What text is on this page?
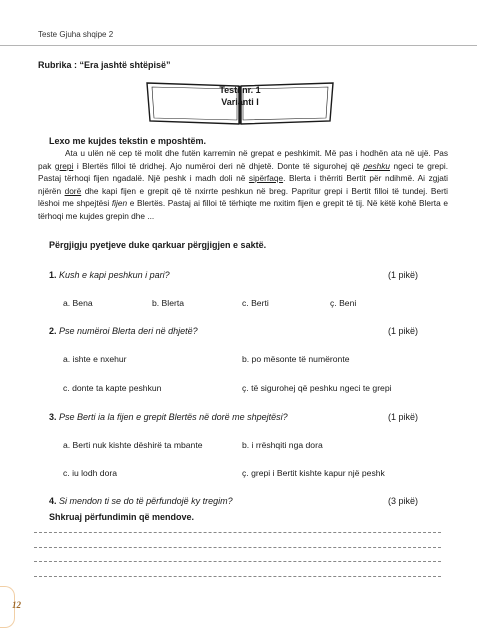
Teste Gjuha shqipe 2
Rubrika : “Era jashtë shtëpisë”
Testi nr. 1
Varianti I
Lexo me kujdes tekstin e mposhtëm.

Ata u ulën në cep të molit dhe futën karremin në grepat e peshkimit. Më pas i hodhën ata në ujë. Pas pak grepi i Blertës filloi të dridhej. Ajo numëroi deri në dhjetë. Donte të sigurohej që peshku ngeci te grepi. Pastaj tërhoqi fijen ngadalë. Një peshk i madh doli në sipërfaqe. Blerta i thërriti Bertit për ndihmë. Ai zgjati njërën dorë dhe kapi fijen e grepit që të nxirrte peshkun në breg. Papritur grepi i Bertit filloi të tundej. Berti lëshoi me shpejtësi fijen e Blertës. Pastaj ai filloi të tërhiqte me nxitim fijen e grepit të tij. Në këtë kohë Blerta e tërhoqi me kujdes grepin dhe ...

Përgjigju pyetjeve duke qarkuar përgjigjen e saktë.
1. Kush e kapi peshkun i pari?	(1 pikë)
a. Bena	b. Blerta	c. Berti	ç. Beni
2. Pse numëroi Blerta deri në dhjetë?	(1 pikë)
a. ishte e nxehur	b. po mësonte të numëronte
c. donte ta kapte peshkun	ç. të sigurohej që peshku ngeci te grepi
3. Pse Berti ia la fijen e grepit Blertës në dorë me shpejtësi?	(1 pikë)
a. Berti nuk kishte dëshirë ta mbante	b. i rrëshqiti nga dora
c. iu lodh dora	ç. grepi i Bertit kishte kapur një peshk
4. Si mendon ti se do të përfundojë ky tregim?	(3 pikë)
Shkruaj përfundimin që mendove.
12
